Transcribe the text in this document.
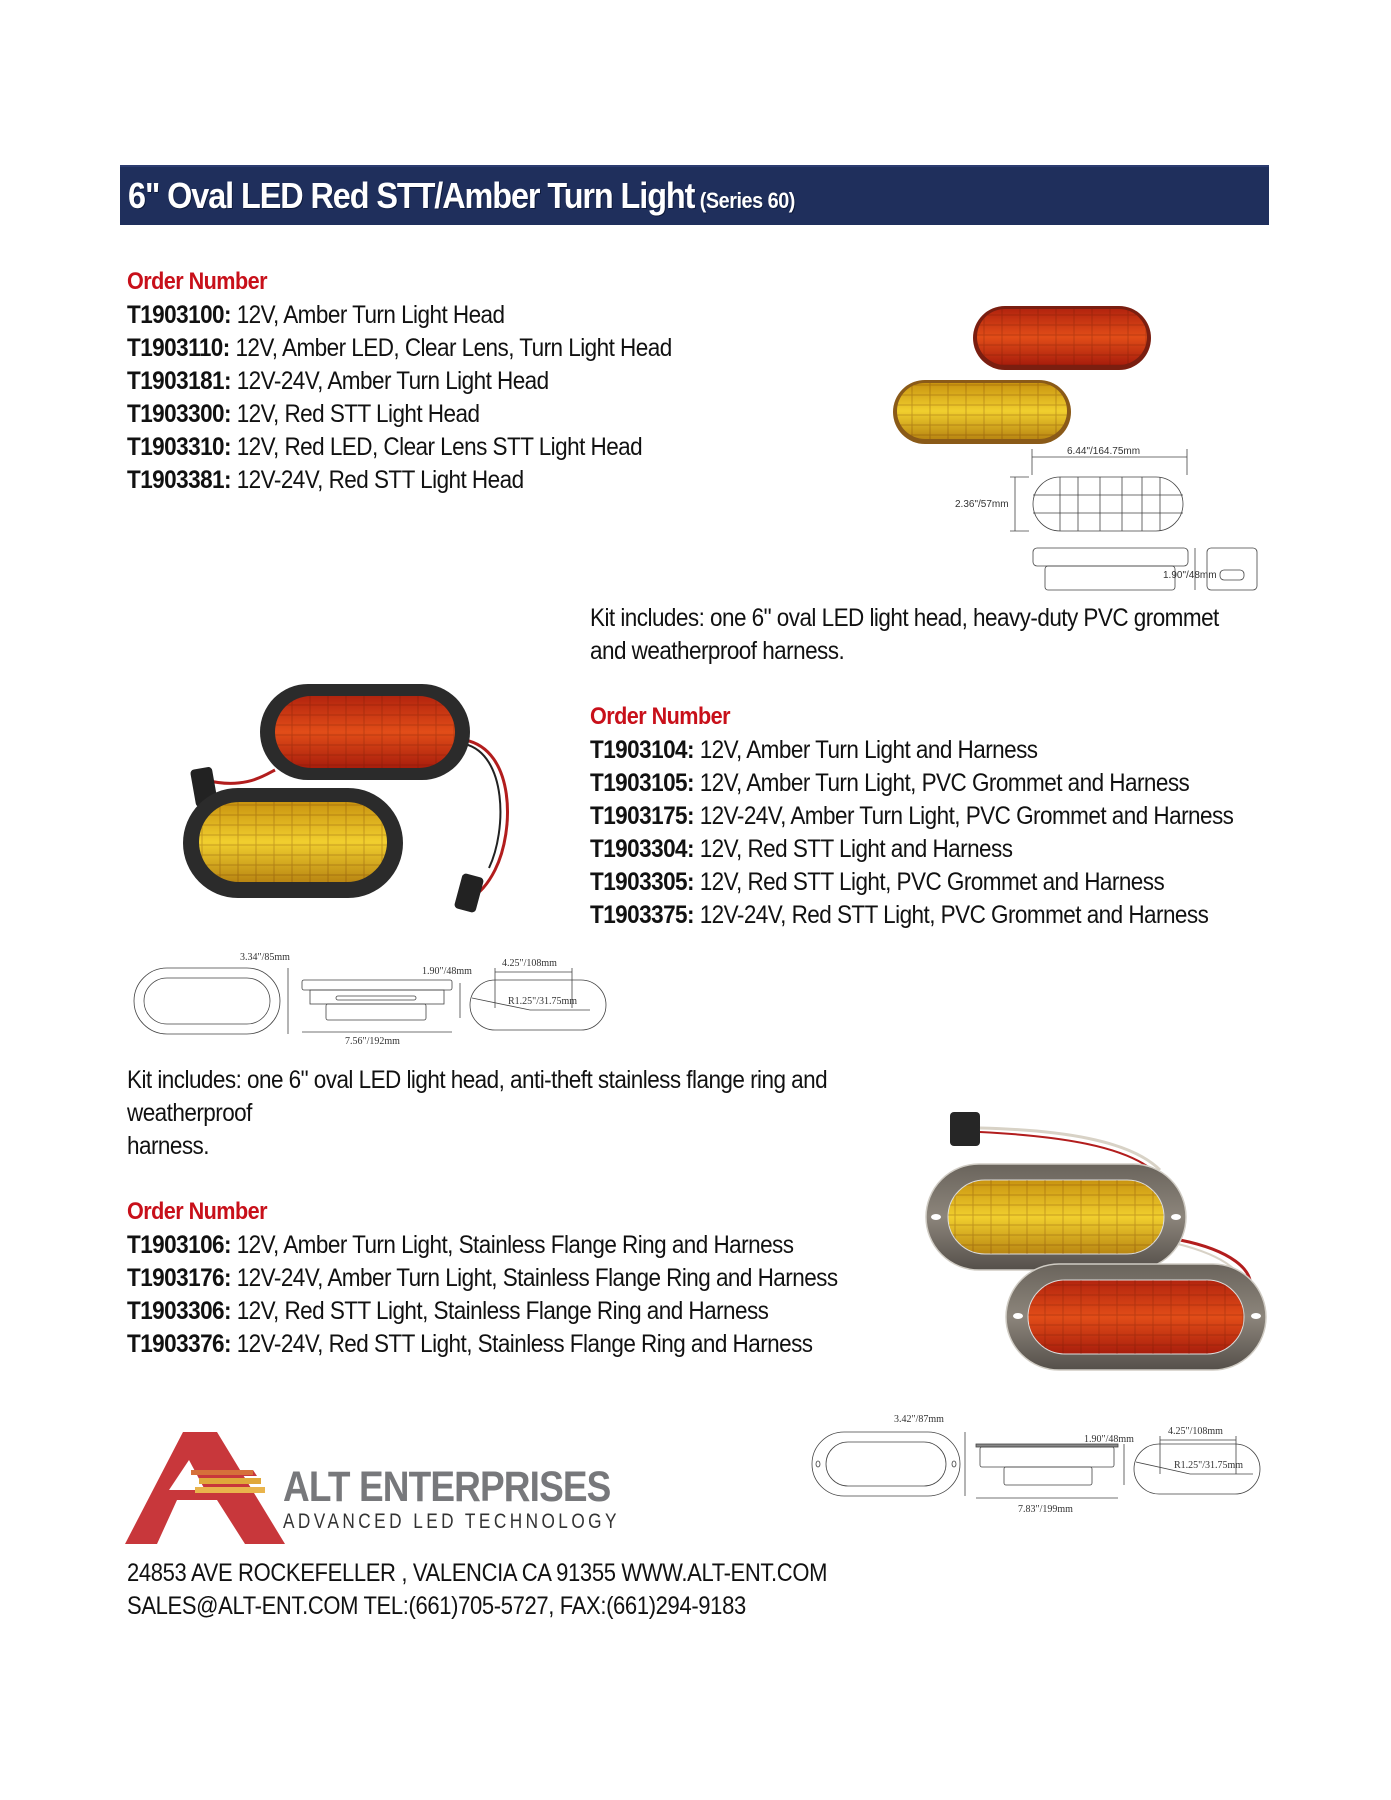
6" Oval LED Red STT/Amber Turn Light (Series 60)
Order Number
T1903100: 12V, Amber Turn Light Head
T1903110: 12V, Amber LED, Clear Lens, Turn Light Head
T1903181: 12V-24V, Amber Turn Light Head
T1903300: 12V, Red STT Light Head
T1903310: 12V, Red LED, Clear Lens STT Light Head
T1903381: 12V-24V, Red STT Light Head
6.44"/164.75mm
2.36"/57mm
1.90"/48mm
Kit includes: one 6" oval LED light head, heavy-duty PVC grommet
and weatherproof harness.
Order Number
T1903104: 12V, Amber Turn Light and Harness
T1903105: 12V, Amber Turn Light, PVC Grommet and Harness
T1903175: 12V-24V, Amber Turn Light, PVC Grommet and Harness
T1903304: 12V, Red STT Light and Harness
T1903305: 12V, Red STT Light, PVC Grommet and Harness
T1903375: 12V-24V, Red STT Light, PVC Grommet and Harness
3.34"/85mm
1.90"/48mm
7.56"/192mm
4.25"/108mm
R1.25"/31.75mm
Kit includes: one 6" oval LED light head, anti-theft stainless flange ring and
weatherproof
harness.
Order Number
T1903106: 12V, Amber Turn Light, Stainless Flange Ring and Harness
T1903176: 12V-24V, Amber Turn Light, Stainless Flange Ring and Harness
T1903306: 12V, Red STT Light, Stainless Flange Ring and Harness
T1903376: 12V-24V, Red STT Light, Stainless Flange Ring and Harness
3.42"/87mm
1.90"/48mm
7.83"/199mm
4.25"/108mm
R1.25"/31.75mm
ALT ENTERPRISES
ADVANCED LED TECHNOLOGY
24853 AVE ROCKEFELLER , VALENCIA CA 91355 WWW.ALT-ENT.COM
SALES@ALT-ENT.COM TEL:(661)705-5727, FAX:(661)294-9183
